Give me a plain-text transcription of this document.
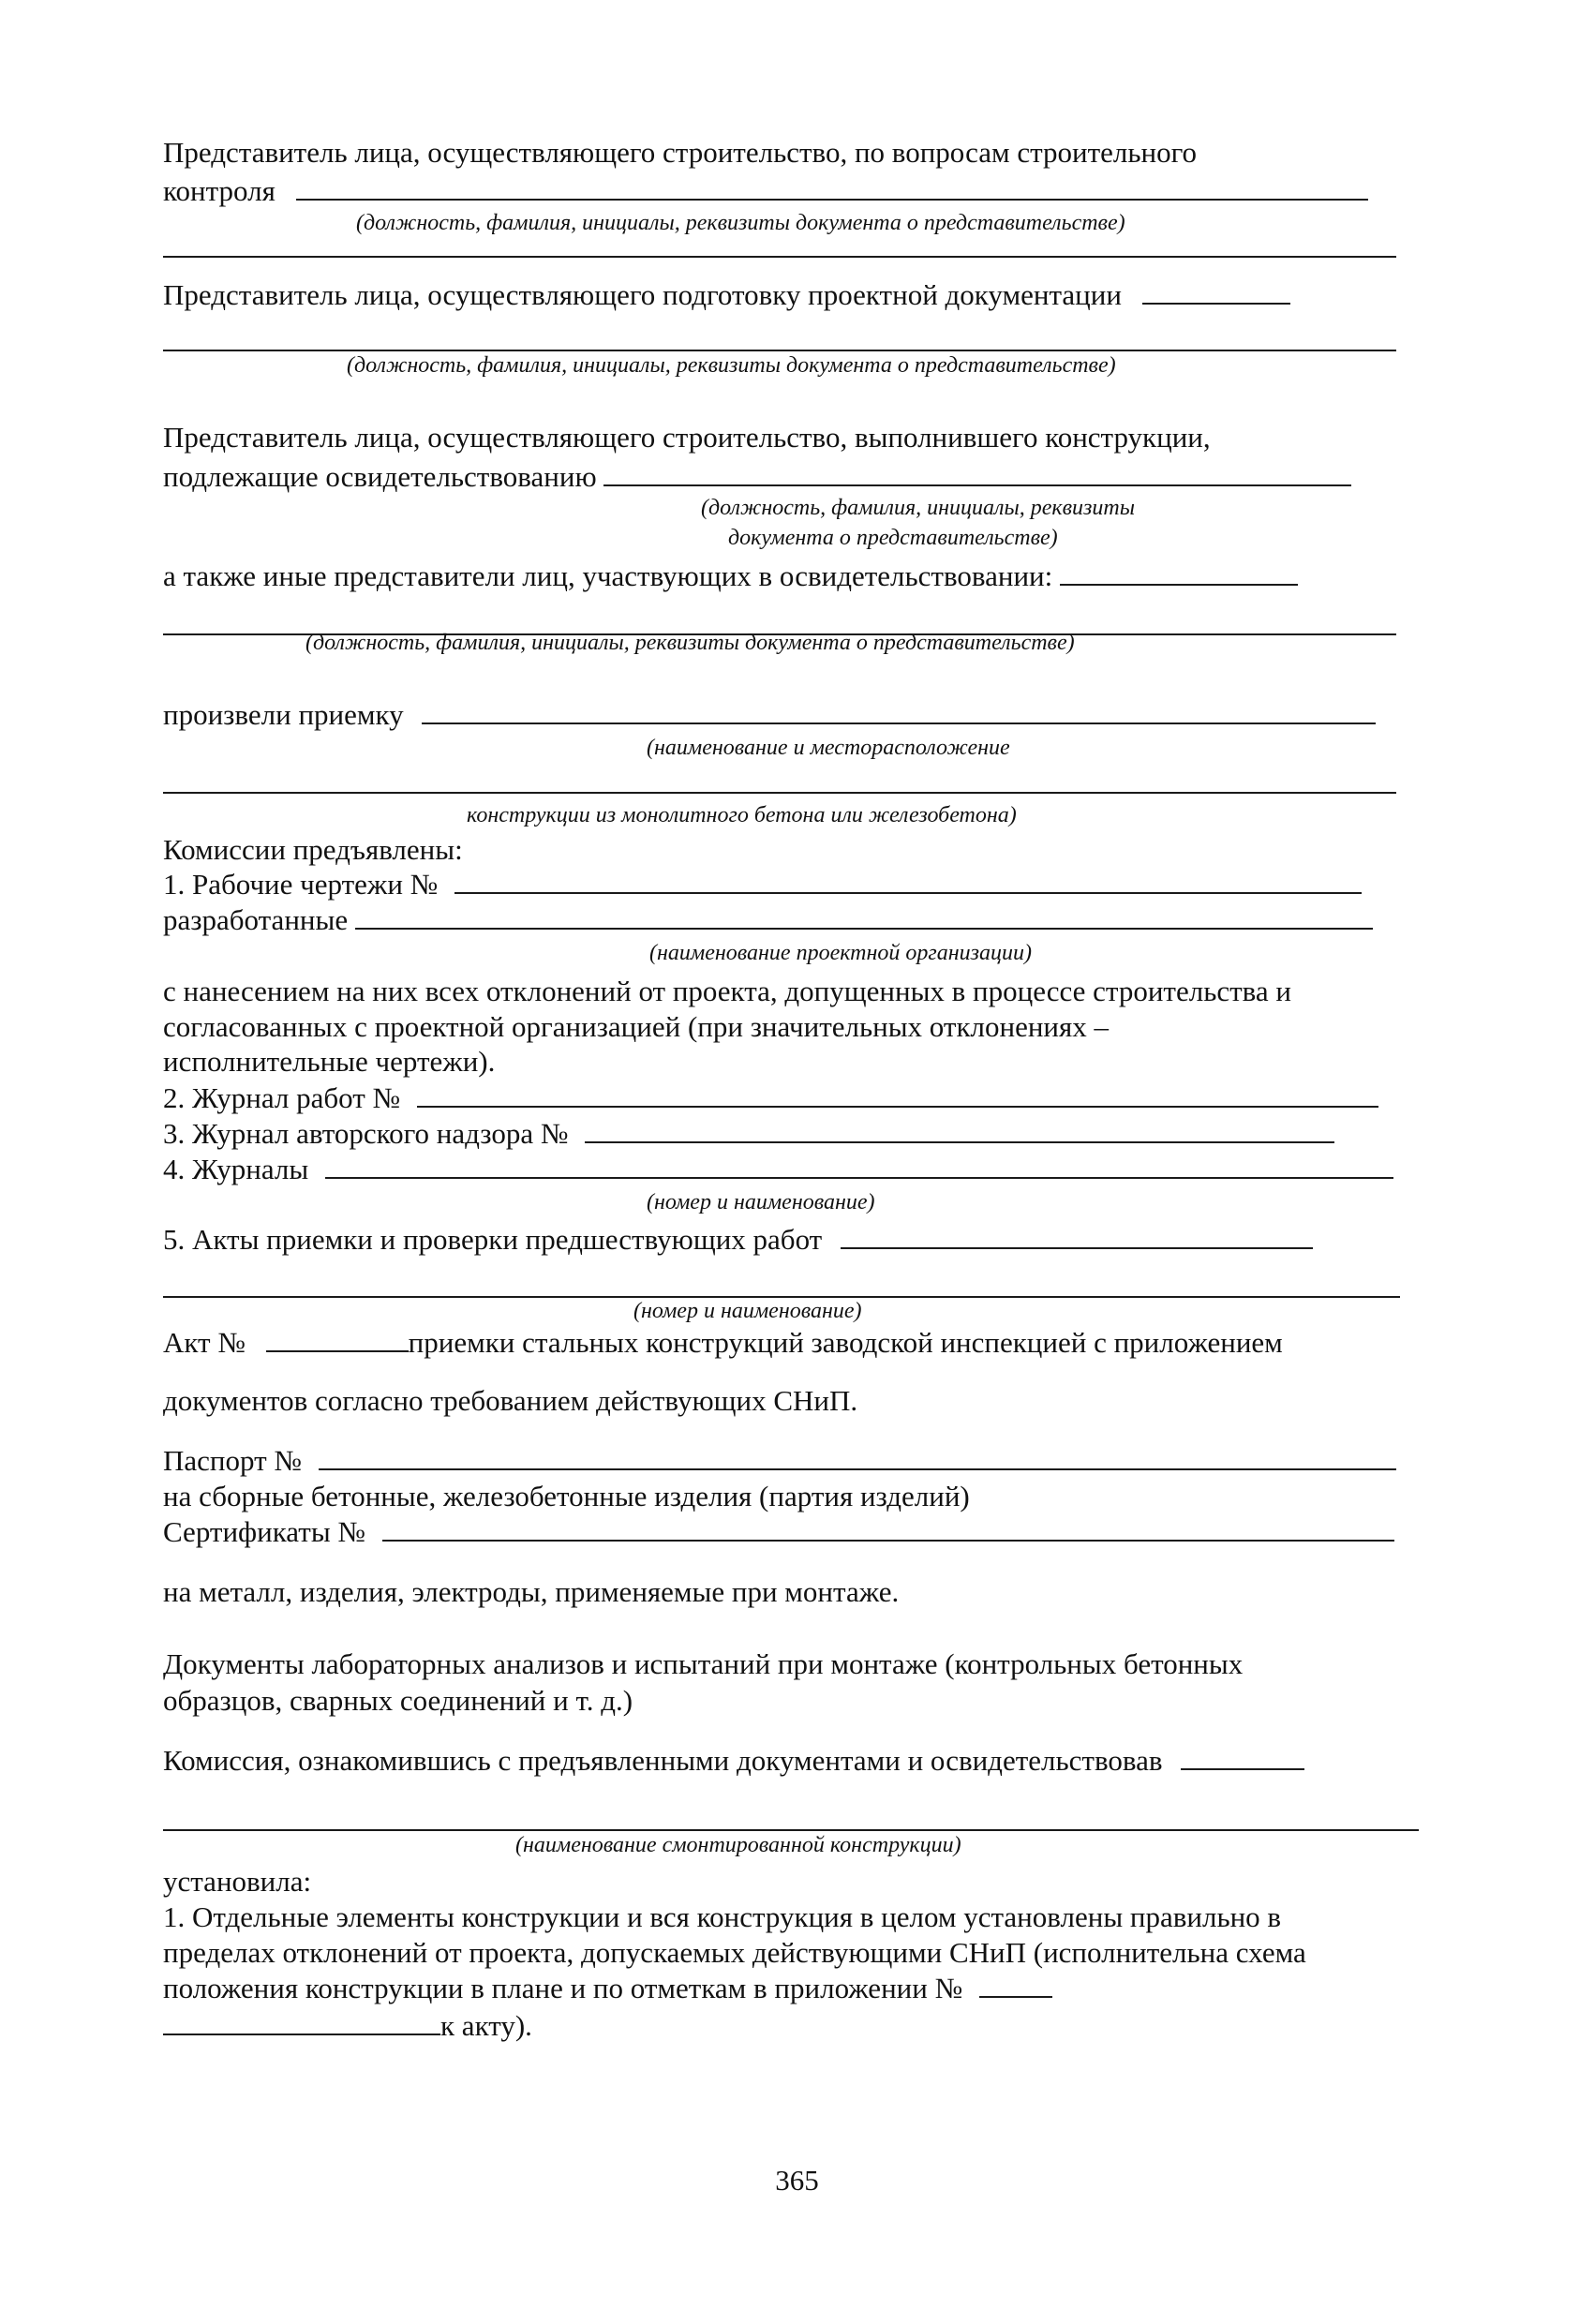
Представитель лица, осуществляющего строительство, по вопросам строительного
контроля
(должность, фамилия, инициалы, реквизиты документа о представительстве)
Представитель лица, осуществляющего подготовку проектной документации
(должность, фамилия, инициалы, реквизиты документа о представительстве)
Представитель лица, осуществляющего строительство, выполнившего конструкции,
подлежащие освидетельствованию
(должность, фамилия, инициалы, реквизиты
документа о представительстве)
а также иные представители лиц, участвующих в освидетельствовании:
(должность, фамилия, инициалы, реквизиты документа о представительстве)
произвели приемку
(наименование и месторасположение
конструкции из монолитного бетона или железобетона)
Комиссии предъявлены:
1. Рабочие чертежи №
разработанные
(наименование проектной организации)
с нанесением на них всех отклонений от проекта, допущенных в процессе строительства и
согласованных с проектной организацией (при значительных отклонениях –
исполнительные чертежи).
2. Журнал работ №
3. Журнал авторского надзора №
4. Журналы
(номер и наименование)
5. Акты приемки и проверки предшествующих работ
(номер и наименование)
Акт №	приемки стальных конструкций заводской инспекцией с приложением
документов согласно требованием действующих СНиП.
Паспорт №
на сборные бетонные, железобетонные изделия (партия изделий)
Сертификаты №
на металл, изделия, электроды, применяемые при монтаже.
Документы лабораторных анализов и испытаний при монтаже (контрольных бетонных
образцов, сварных соединений и т. д.)
Комиссия, ознакомившись с предъявленными документами и освидетельствовав
(наименование смонтированной конструкции)
установила:
1. Отдельные элементы конструкции и вся конструкция в целом установлены правильно в
пределах отклонений от проекта, допускаемых действующими СНиП (исполнительна схема
положения конструкции в плане и по отметкам в приложении №
к акту).
365
